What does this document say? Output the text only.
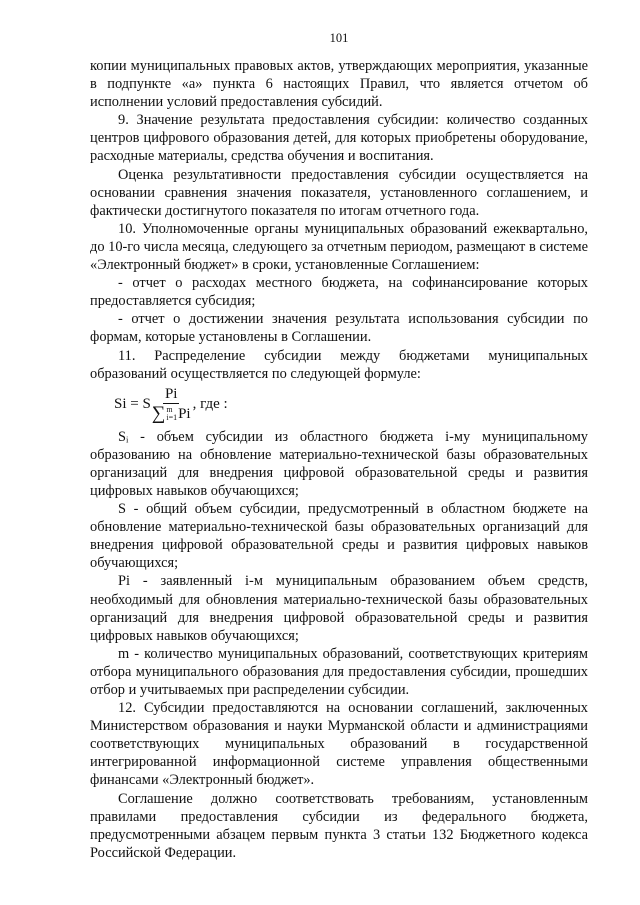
101

копии муниципальных правовых актов, утверждающих мероприятия, указанные в подпункте «а» пункта 6 настоящих Правил, что является отчетом об исполнении условий предоставления субсидий.

9. Значение результата предоставления субсидии: количество созданных центров цифрового образования детей, для которых приобретены оборудование, расходные материалы, средства обучения и воспитания.

Оценка результативности предоставления субсидии осуществляется на основании сравнения значения показателя, установленного соглашением, и фактически достигнутого показателя по итогам отчетного года.

10. Уполномоченные органы муниципальных образований ежеквартально, до 10-го числа месяца, следующего за отчетным периодом, размещают в системе «Электронный бюджет» в сроки, установленные Соглашением:

- отчет о расходах местного бюджета, на софинансирование которых предоставляется субсидия;

- отчет о достижении значения результата использования субсидии по формам, которые установлены в Соглашении.

11. Распределение субсидии между бюджетами муниципальных образований осуществляется по следующей формуле:

Si = S Pi
∑ m
i=1 Pi , где :

Sᵢ - объем субсидии из областного бюджета i-му муниципальному образованию на обновление материально-технической базы образовательных организаций для внедрения цифровой образовательной среды и развития цифровых навыков обучающихся;

S - общий объем субсидии, предусмотренный в областном бюджете на обновление материально-технической базы образовательных организаций для внедрения цифровой образовательной среды и развития цифровых навыков обучающихся;

Pi - заявленный i-м муниципальным образованием объем средств, необходимый для обновления материально-технической базы образовательных организаций для внедрения цифровой образовательной среды и развития цифровых навыков обучающихся;

m - количество муниципальных образований, соответствующих критериям отбора муниципального образования для предоставления субсидии, прошедших отбор и учитываемых при распределении субсидии.

12. Субсидии предоставляются на основании соглашений, заключенных Министерством образования и науки Мурманской области и администрациями соответствующих муниципальных образований в государственной интегрированной информационной системе управления общественными финансами «Электронный бюджет».

Соглашение должно соответствовать требованиям, установленным правилами предоставления субсидии из федерального бюджета, предусмотренными абзацем первым пункта 3 статьи 132 Бюджетного кодекса Российской Федерации.
